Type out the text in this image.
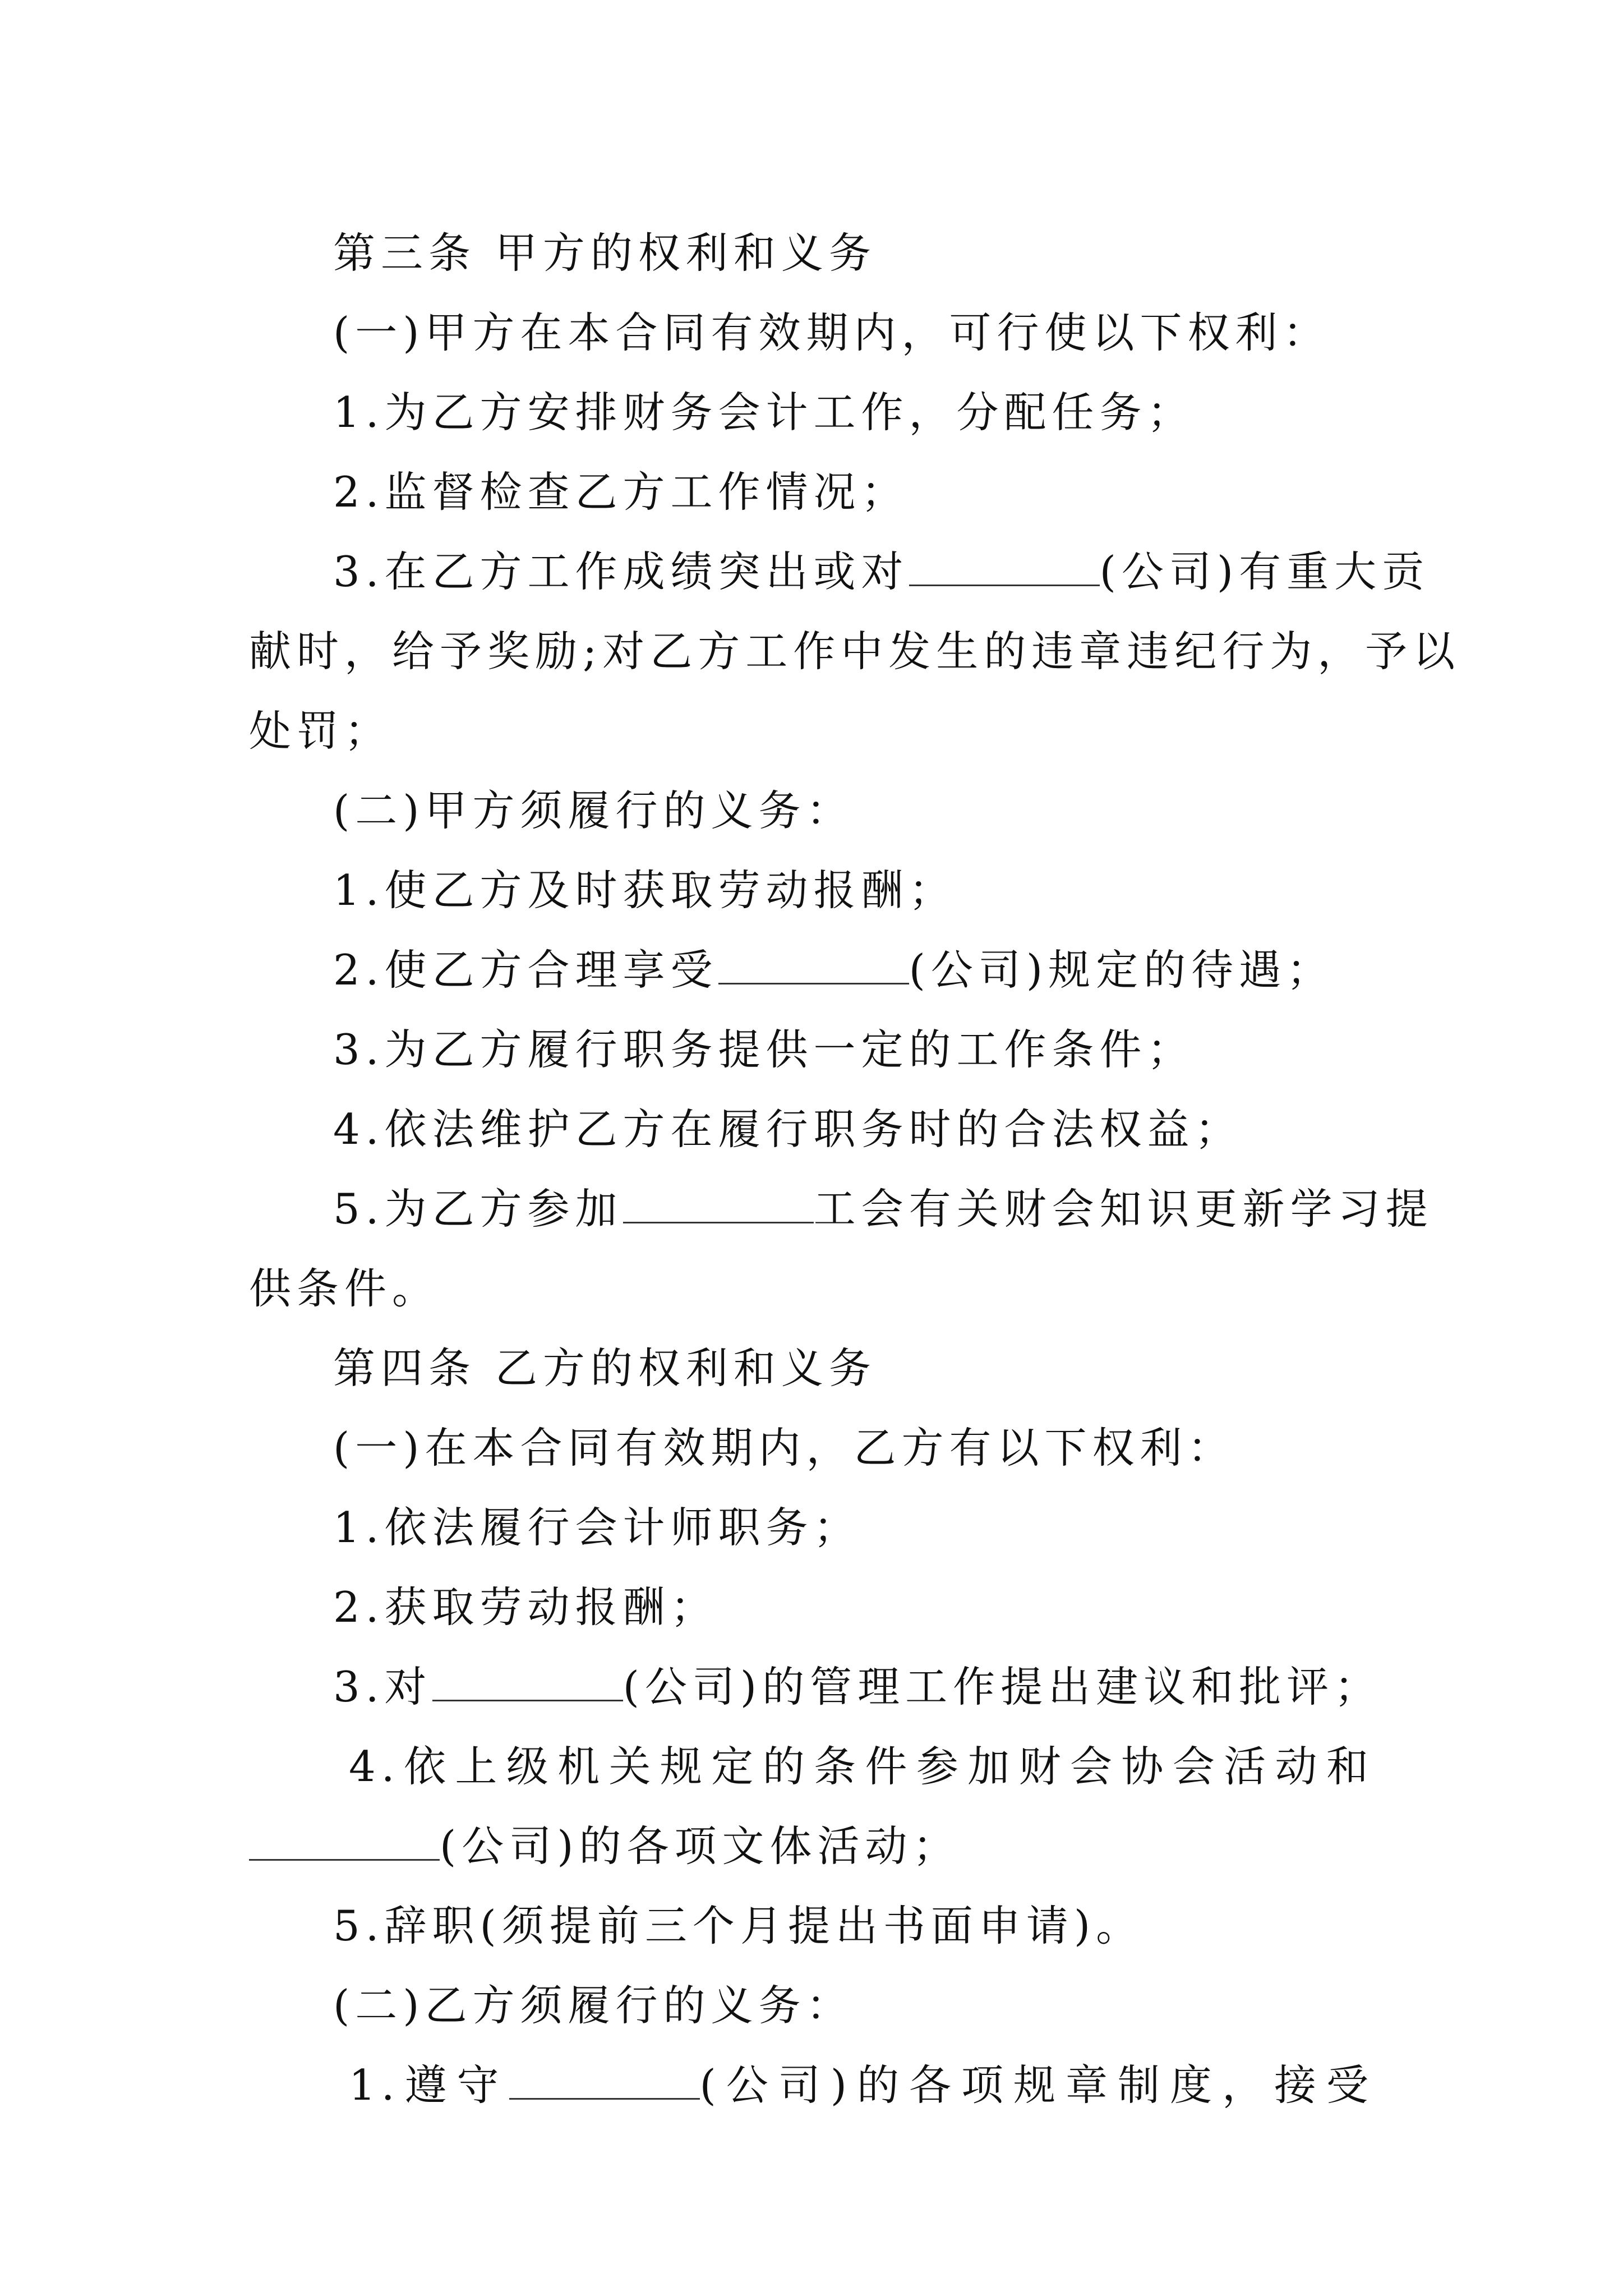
第三条 甲方的权利和义务
(一)甲方在本合同有效期内，可行使以下权利：
1.为乙方安排财务会计工作，分配任务；
2.监督检查乙方工作情况；
3.在乙方工作成绩突出或对	(公司)有重大贡
献时，给予奖励;对乙方工作中发生的违章违纪行为，予以
处罚；
(二)甲方须履行的义务：
1.使乙方及时获取劳动报酬；
2.使乙方合理享受	(公司)规定的待遇；
3.为乙方履行职务提供一定的工作条件；
4.依法维护乙方在履行职务时的合法权益；
5.为乙方参加	工会有关财会知识更新学习提
供条件。
第四条 乙方的权利和义务
(一)在本合同有效期内，乙方有以下权利：
1.依法履行会计师职务；
2.获取劳动报酬；
3.对	(公司)的管理工作提出建议和批评；
4.依上级机关规定的条件参加财会协会活动和
(公司)的各项文体活动；
5.辞职(须提前三个月提出书面申请)。
(二)乙方须履行的义务：
1.遵守	(公司)的各项规章制度，接受
